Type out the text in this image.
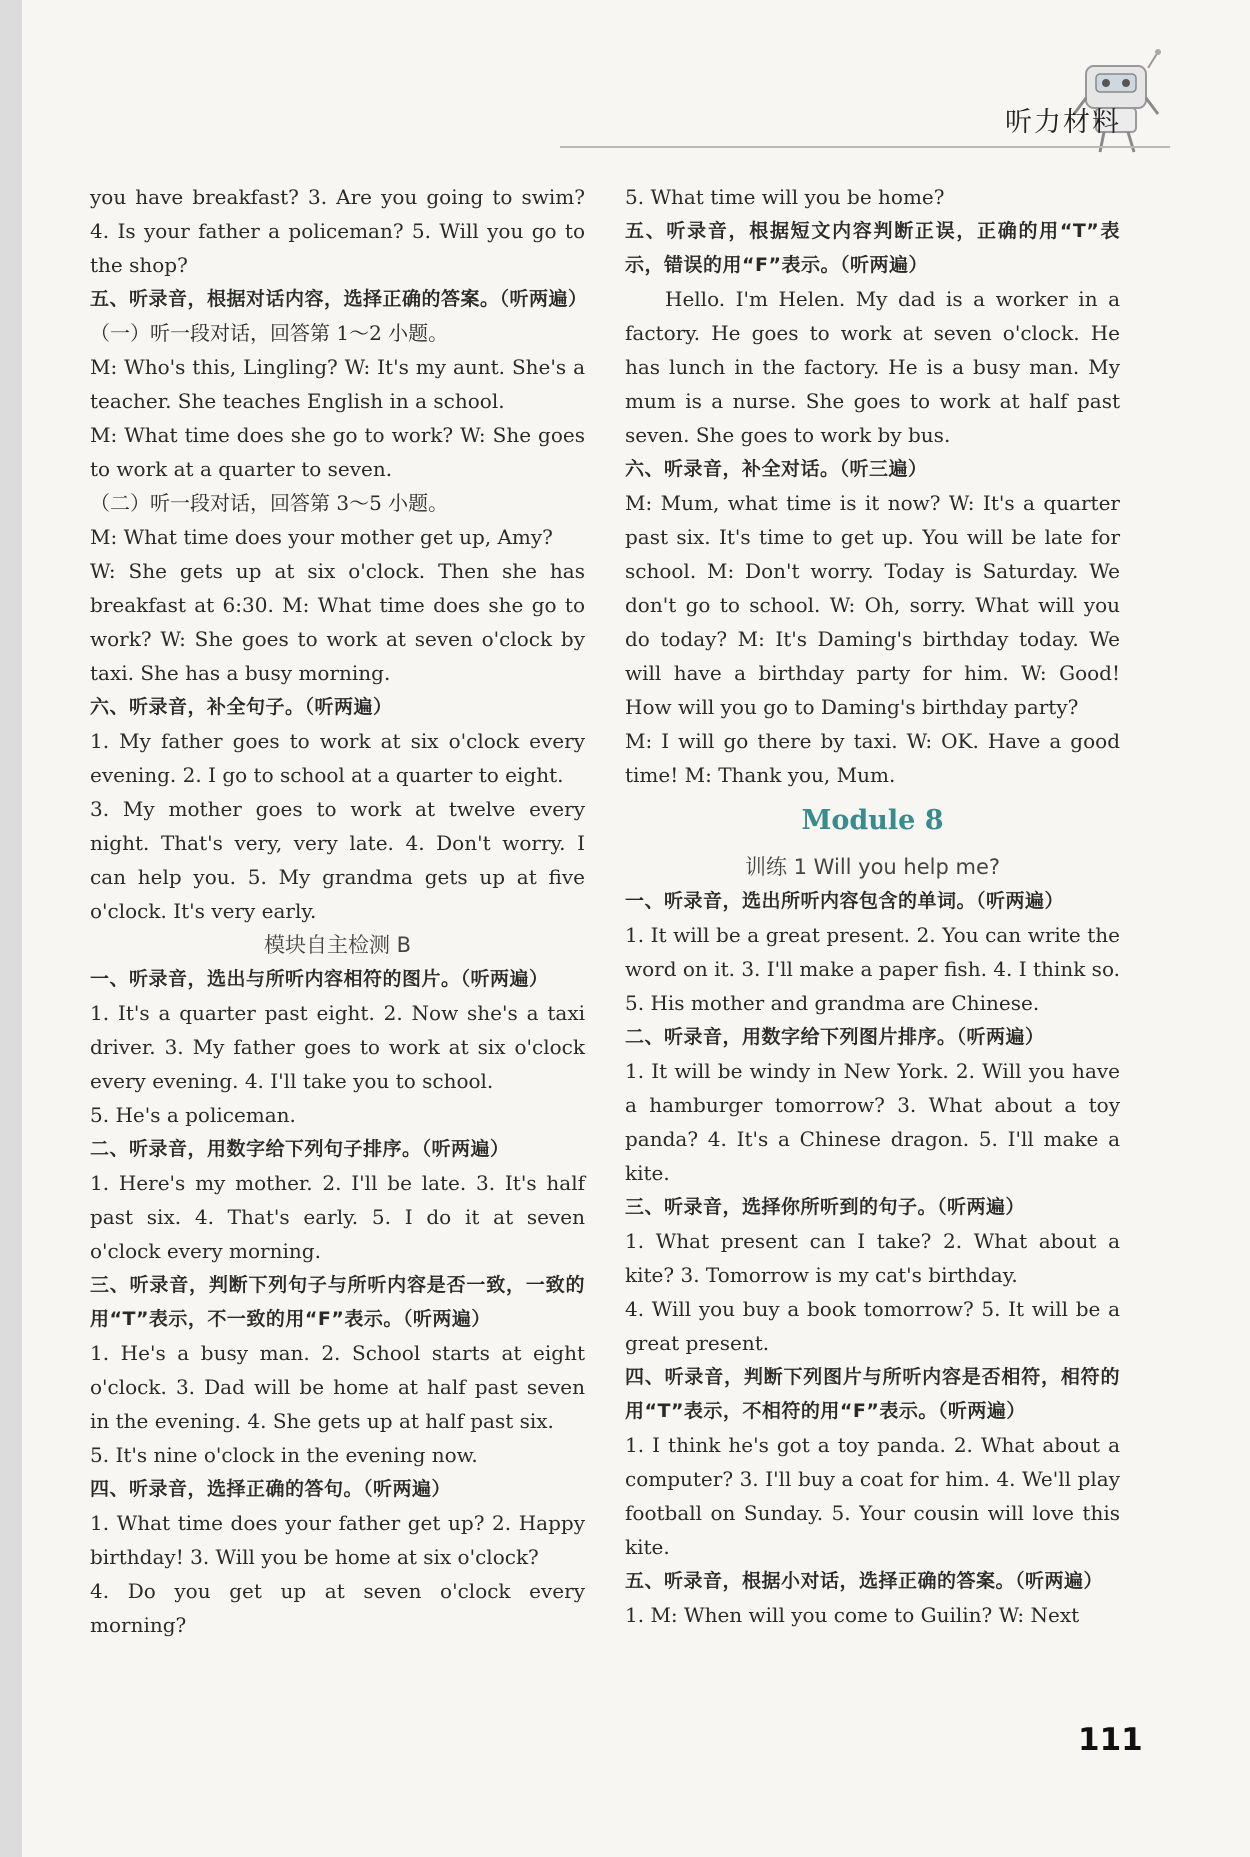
听力材料

you have breakfast? 3. Are you going to swim? 4. Is your father a policeman? 5. Will you go to the shop?

五、听录音，根据对话内容，选择正确的答案。（听两遍）

（一）听一段对话，回答第 1～2 小题。

M: Who's this, Lingling? W: It's my aunt. She's a teacher. She teaches English in a school.

M: What time does she go to work? W: She goes to work at a quarter to seven.

（二）听一段对话，回答第 3～5 小题。

M: What time does your mother get up, Amy?

W: She gets up at six o'clock. Then she has breakfast at 6:30. M: What time does she go to work? W: She goes to work at seven o'clock by taxi. She has a busy morning.

六、听录音，补全句子。（听两遍）

1. My father goes to work at six o'clock every evening. 2. I go to school at a quarter to eight.

3. My mother goes to work at twelve every night. That's very, very late. 4. Don't worry. I can help you. 5. My grandma gets up at five o'clock. It's very early.

模块自主检测 B

一、听录音，选出与所听内容相符的图片。（听两遍）

1. It's a quarter past eight. 2. Now she's a taxi driver. 3. My father goes to work at six o'clock every evening. 4. I'll take you to school.

5. He's a policeman.

二、听录音，用数字给下列句子排序。（听两遍）

1. Here's my mother. 2. I'll be late. 3. It's half past six. 4. That's early. 5. I do it at seven o'clock every morning.

三、听录音，判断下列句子与所听内容是否一致，一致的用“T”表示，不一致的用“F”表示。（听两遍）

1. He's a busy man. 2. School starts at eight o'clock. 3. Dad will be home at half past seven in the evening. 4. She gets up at half past six.

5. It's nine o'clock in the evening now.

四、听录音，选择正确的答句。（听两遍）

1. What time does your father get up? 2. Happy birthday! 3. Will you be home at six o'clock?

4. Do you get up at seven o'clock every morning?

5. What time will you be home?

五、听录音，根据短文内容判断正误，正确的用“T”表示，错误的用“F”表示。（听两遍）

Hello. I'm Helen. My dad is a worker in a factory. He goes to work at seven o'clock. He has lunch in the factory. He is a busy man. My mum is a nurse. She goes to work at half past seven. She goes to work by bus.

六、听录音，补全对话。（听三遍）

M: Mum, what time is it now? W: It's a quarter past six. It's time to get up. You will be late for school. M: Don't worry. Today is Saturday. We don't go to school. W: Oh, sorry. What will you do today? M: It's Daming's birthday today. We will have a birthday party for him. W: Good! How will you go to Daming's birthday party?

M: I will go there by taxi. W: OK. Have a good time! M: Thank you, Mum.

Module 8

训练 1 Will you help me?

一、听录音，选出所听内容包含的单词。（听两遍）

1. It will be a great present. 2. You can write the word on it. 3. I'll make a paper fish. 4. I think so. 5. His mother and grandma are Chinese.

二、听录音，用数字给下列图片排序。（听两遍）

1. It will be windy in New York. 2. Will you have a hamburger tomorrow? 3. What about a toy panda? 4. It's a Chinese dragon. 5. I'll make a kite.

三、听录音，选择你所听到的句子。（听两遍）

1. What present can I take? 2. What about a kite? 3. Tomorrow is my cat's birthday.

4. Will you buy a book tomorrow? 5. It will be a great present.

四、听录音，判断下列图片与所听内容是否相符，相符的用“T”表示，不相符的用“F”表示。（听两遍）

1. I think he's got a toy panda. 2. What about a computer? 3. I'll buy a coat for him. 4. We'll play football on Sunday. 5. Your cousin will love this kite.

五、听录音，根据小对话，选择正确的答案。（听两遍）

1. M: When will you come to Guilin? W: Next

111
